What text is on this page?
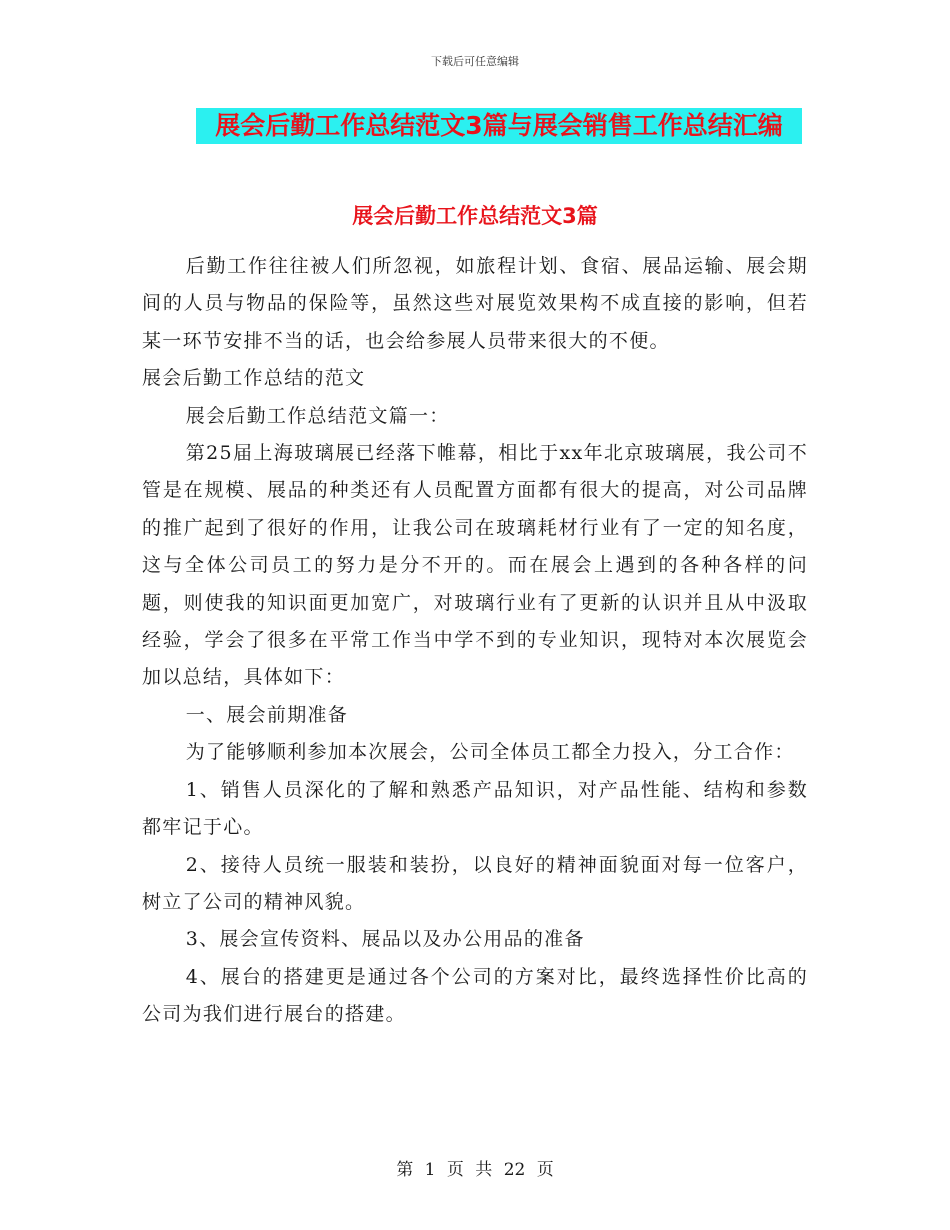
下载后可任意编辑
展会后勤工作总结范文3篇与展会销售工作总结汇编
展会后勤工作总结范文3篇

后勤工作往往被人们所忽视，如旅程计划、食宿、展品运输、展会期间的人员与物品的保险等，虽然这些对展览效果构不成直接的影响，但若某一环节安排不当的话，也会给参展人员带来很大的不便。

展会后勤工作总结的范文

展会后勤工作总结范文篇一：

第25届上海玻璃展已经落下帷幕，相比于xx年北京玻璃展，我公司不管是在规模、展品的种类还有人员配置方面都有很大的提高，对公司品牌的推广起到了很好的作用，让我公司在玻璃耗材行业有了一定的知名度，这与全体公司员工的努力是分不开的。而在展会上遇到的各种各样的问题，则使我的知识面更加宽广，对玻璃行业有了更新的认识并且从中汲取经验，学会了很多在平常工作当中学不到的专业知识，现特对本次展览会加以总结，具体如下：

一、展会前期准备

为了能够顺利参加本次展会，公司全体员工都全力投入，分工合作：

1、销售人员深化的了解和熟悉产品知识，对产品性能、结构和参数都牢记于心。

2、接待人员统一服装和装扮，以良好的精神面貌面对每一位客户，树立了公司的精神风貌。

3、展会宣传资料、展品以及办公用品的准备

4、展台的搭建更是通过各个公司的方案对比，最终选择性价比高的公司为我们进行展台的搭建。

第 1 页 共 22 页
